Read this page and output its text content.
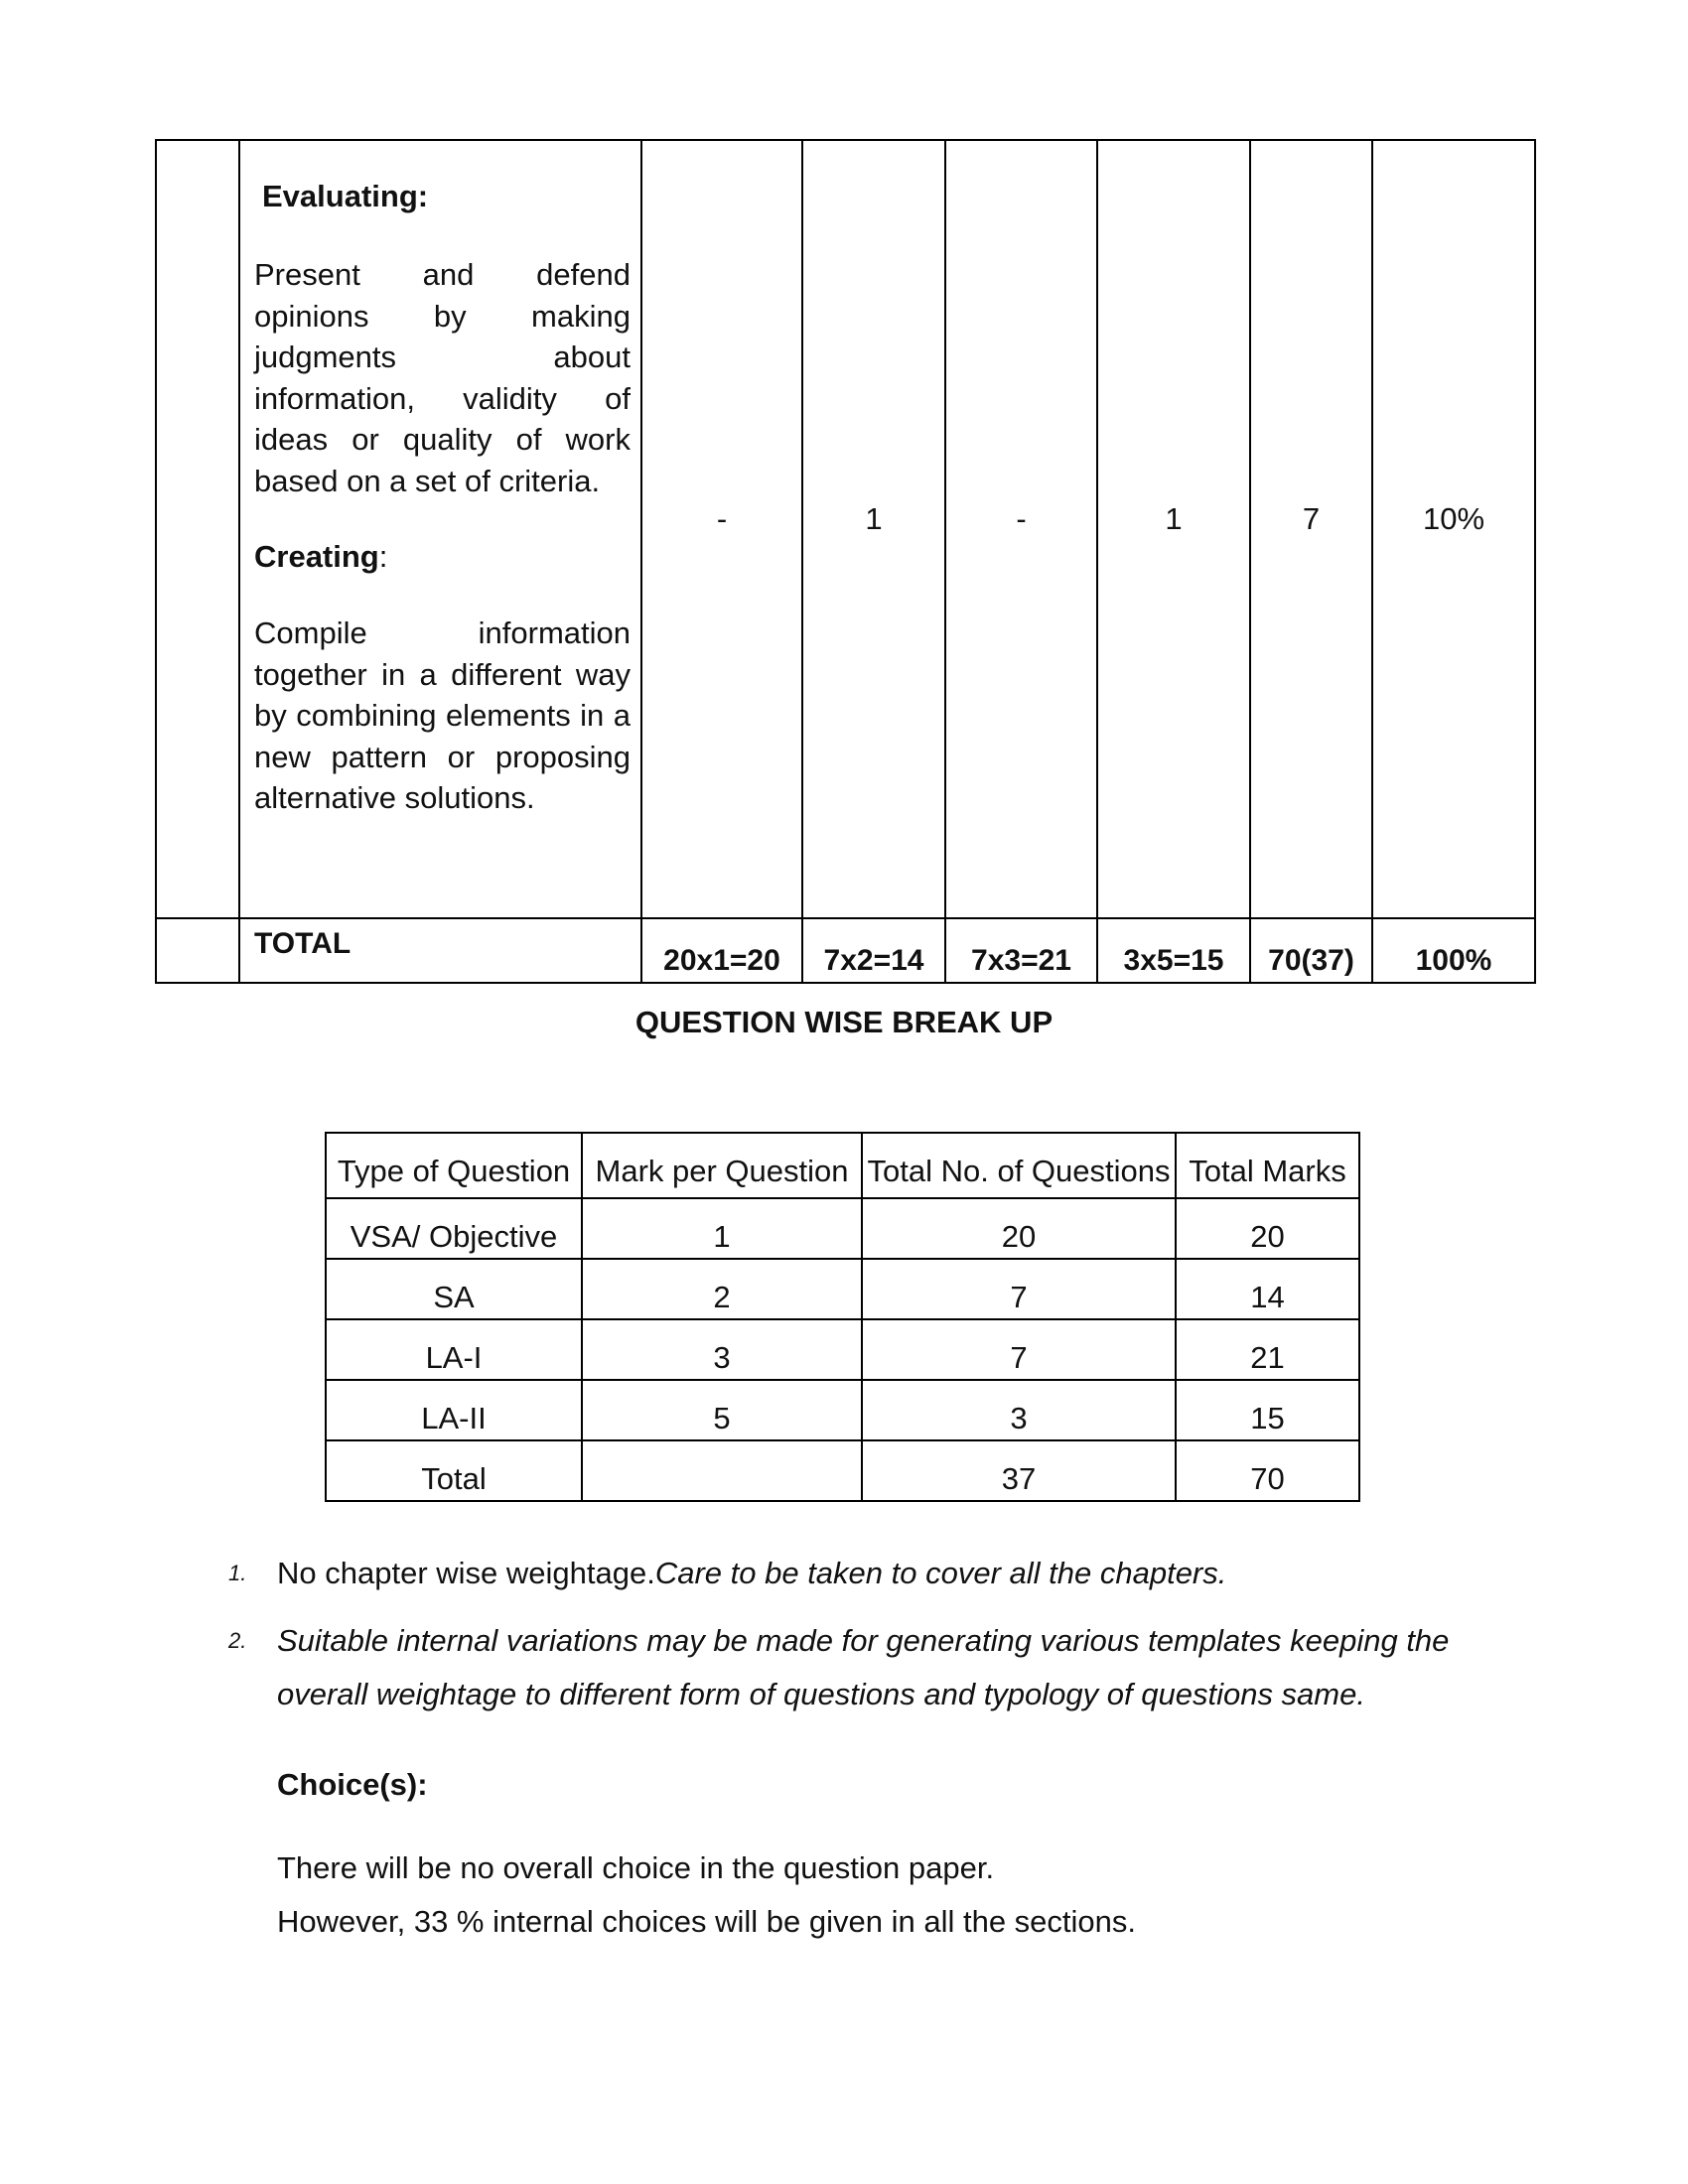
	Evaluating:

Present and defend opinions by making judgments about information, validity of ideas or quality of work based on a set of criteria.

Creating:

Compile information together in a different way by combining elements in a new pattern or proposing alternative solutions.	-	1	-	1	7	10%

	TOTAL	20x1=20	7x2=14	7x3=21	3x5=15	70(37)	100%
QUESTION WISE BREAK UP
Type of Question	Mark per Question	Total No. of Questions	Total Marks
VSA/ Objective	1	20	20
SA	2	7	14
LA-I	3	7	21
LA-II	5	3	15
Total		37	70
1. No chapter wise weightage.Care to be taken to cover all the chapters.
2. Suitable internal variations may be made for generating various templates keeping the overall weightage to different form of questions and typology of questions same.
Choice(s):
There will be no overall choice in the question paper.
However, 33 % internal choices will be given in all the sections.
